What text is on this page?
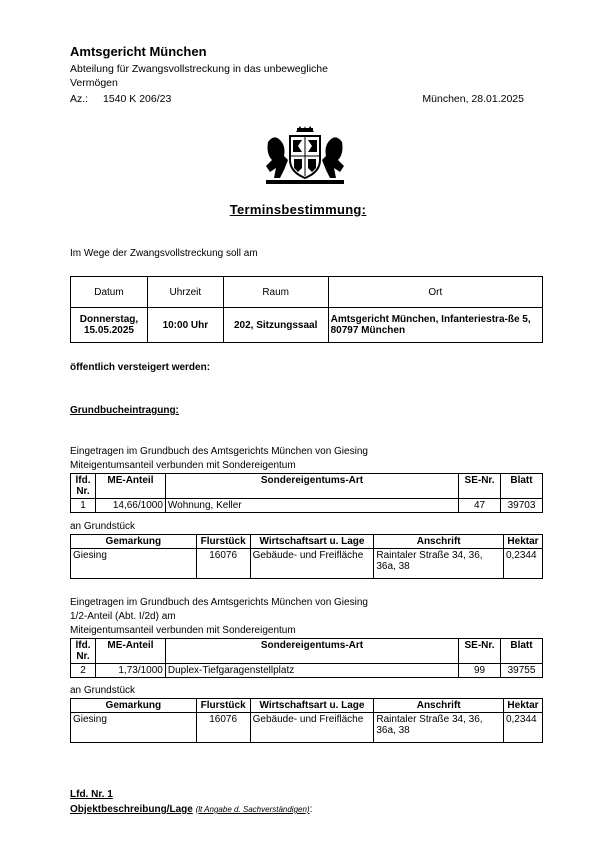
Amtsgericht München
Abteilung für Zwangsvollstreckung in das unbewegliche Vermögen
Az.: 1540 K 206/23	München, 28.01.2025
Terminsbestimmung:
Im Wege der Zwangsvollstreckung soll am
Datum	Uhrzeit	Raum	Ort
Donnerstag, 15.05.2025	10:00 Uhr	202, Sitzungssaal	Amtsgericht München, Infanteriestra-ße 5, 80797 München
öffentlich versteigert werden:
Grundbucheintragung:
Eingetragen im Grundbuch des Amtsgerichts München von Giesing
Miteigentumsanteil verbunden mit Sondereigentum
lfd. Nr.	ME-Anteil	Sondereigentums-Art	SE-Nr.	Blatt
1	14,66/1000	Wohnung, Keller	47	39703
an Grundstück
Gemarkung	Flurstück	Wirtschaftsart u. Lage	Anschrift	Hektar
Giesing	16076	Gebäude- und Freifläche	Raintaler Straße 34, 36, 36a, 38	0,2344
Eingetragen im Grundbuch des Amtsgerichts München von Giesing
1/2-Anteil (Abt. I/2d) am
Miteigentumsanteil verbunden mit Sondereigentum
lfd. Nr.	ME-Anteil	Sondereigentums-Art	SE-Nr.	Blatt
2	1,73/1000	Duplex-Tiefgaragenstellplatz	99	39755
an Grundstück
Gemarkung	Flurstück	Wirtschaftsart u. Lage	Anschrift	Hektar
Giesing	16076	Gebäude- und Freifläche	Raintaler Straße 34, 36, 36a, 38	0,2344
Lfd. Nr. 1
Objektbeschreibung/Lage (lt Angabe d. Sachverständigen):
